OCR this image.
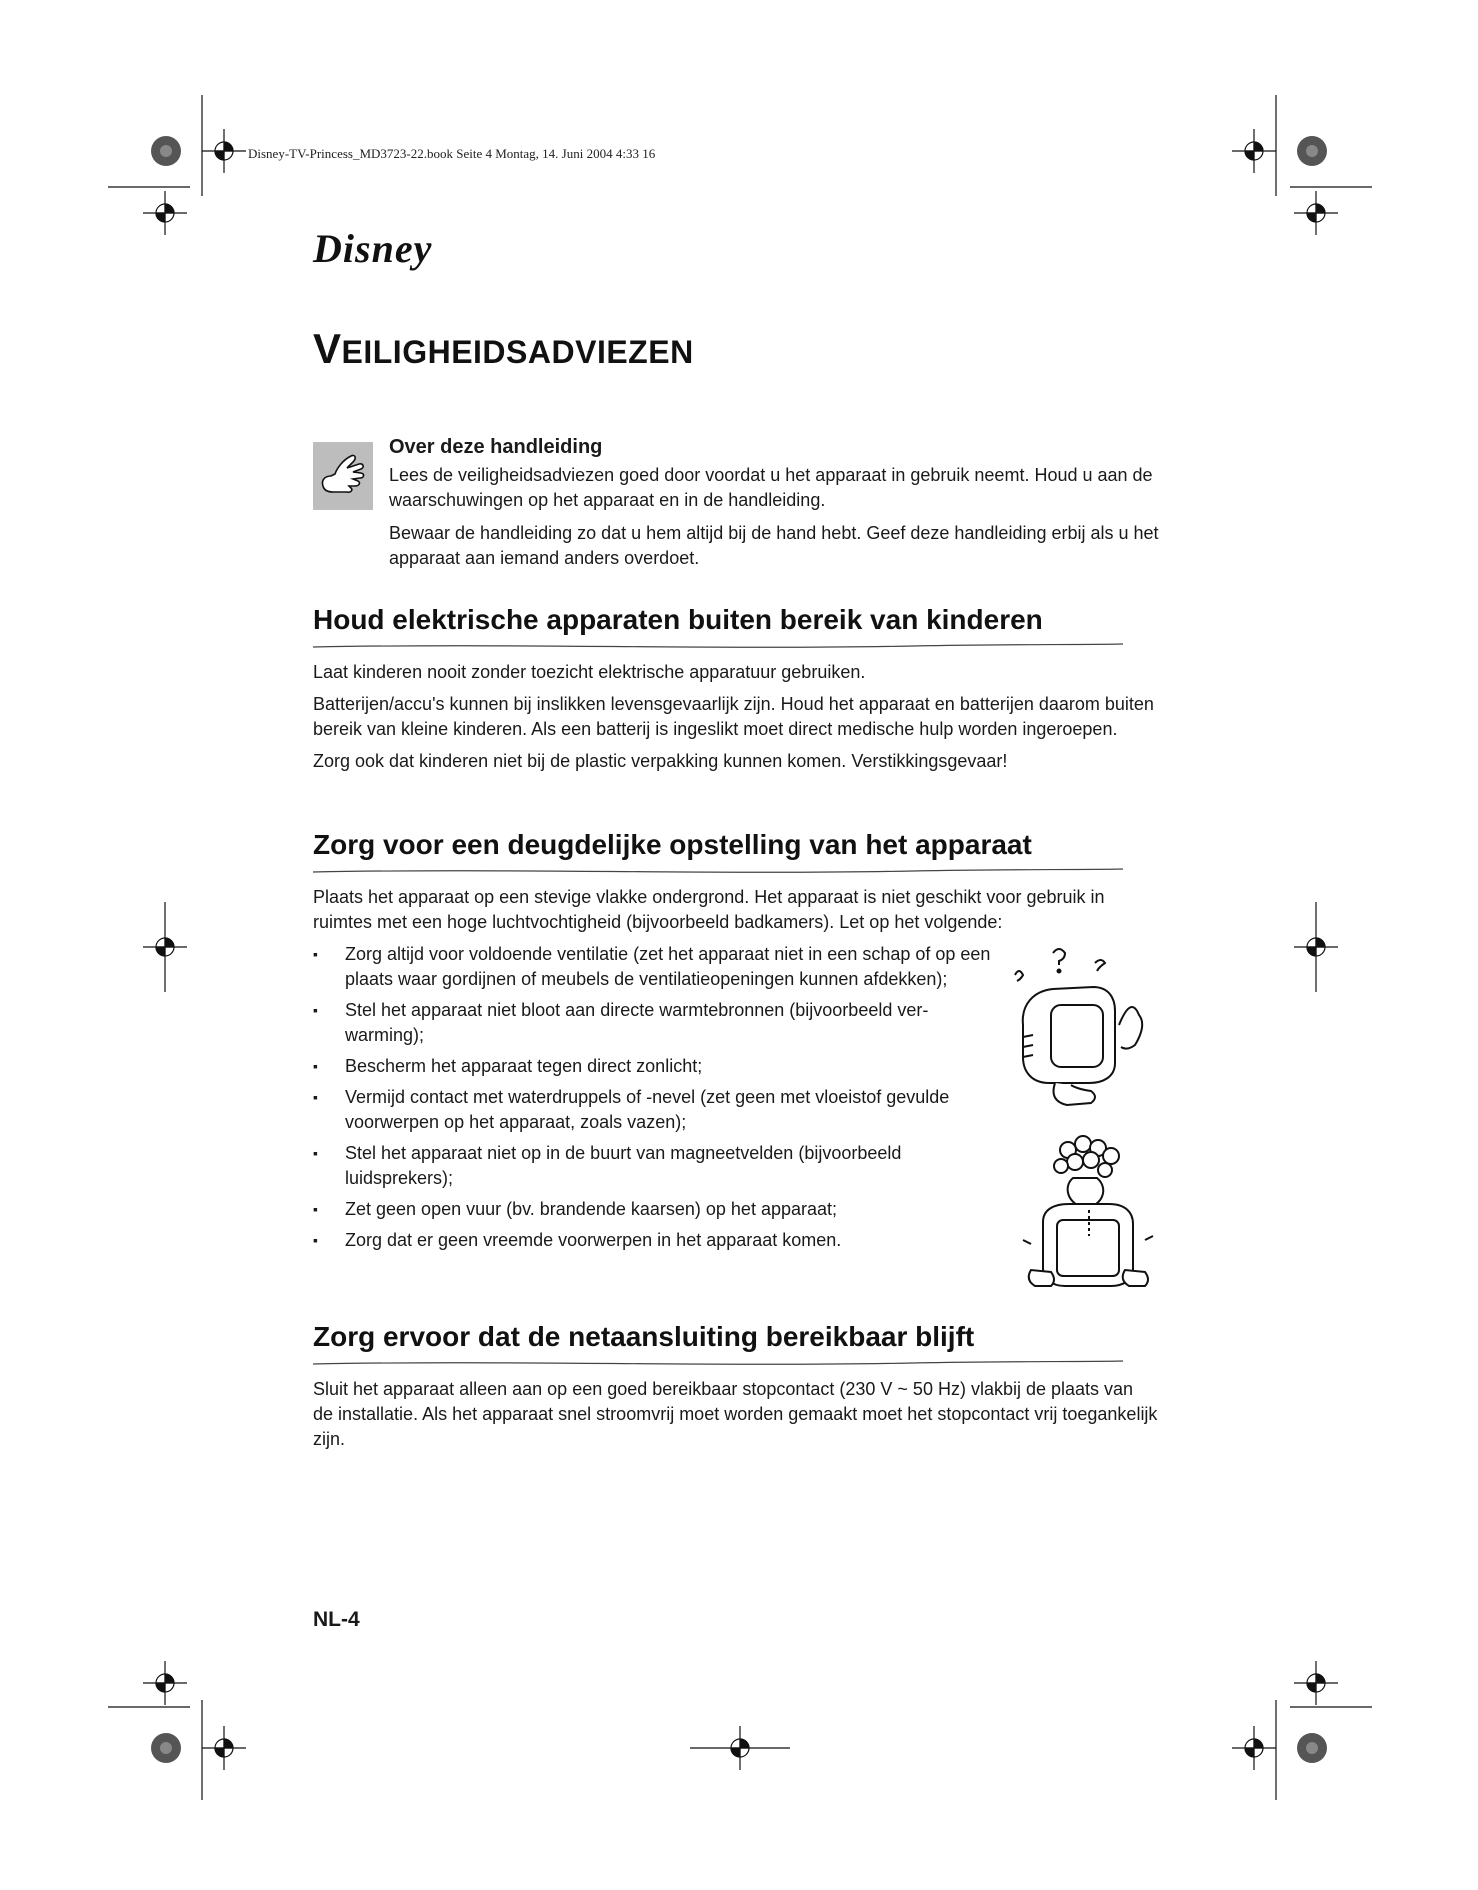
Disney-TV-Princess_MD3723-22.book Seite 4 Montag, 14. Juni 2004 4:33 16
Disney
VEILIGHEIDSADVIEZEN
Over deze handleiding

Lees de veiligheidsadviezen goed door voordat u het apparaat in gebruik neemt. Houd u aan de waarschuwingen op het apparaat en in de handleiding.

Bewaar de handleiding zo dat u hem altijd bij de hand hebt. Geef deze handleiding erbij als u het apparaat aan iemand anders overdoet.

Houd elektrische apparaten buiten bereik van kinderen

Laat kinderen nooit zonder toezicht elektrische apparatuur gebruiken.

Batterijen/accu's kunnen bij inslikken levensgevaarlijk zijn. Houd het apparaat en batterijen daarom buiten bereik van kleine kinderen. Als een batterij is ingeslikt moet direct medische hulp worden ingeroepen.

Zorg ook dat kinderen niet bij de plastic verpakking kunnen komen. Verstikkingsgevaar!

Zorg voor een deugdelijke opstelling van het apparaat

Plaats het apparaat op een stevige vlakke ondergrond. Het apparaat is niet geschikt voor gebruik in ruimtes met een hoge luchtvochtigheid (bijvoorbeeld badkamers). Let op het volgende:

▪ Zorg altijd voor voldoende ventilatie (zet het apparaat niet in een schap of op een plaats waar gordijnen of meubels de ventilatieopeningen kunnen afdekken);
▪ Stel het apparaat niet bloot aan directe warmtebronnen (bijvoorbeeld ver-warming);
▪ Bescherm het apparaat tegen direct zonlicht;
▪ Vermijd contact met waterdruppels of -nevel (zet geen met vloeistof gevulde voorwerpen op het apparaat, zoals vazen);
▪ Stel het apparaat niet op in de buurt van magneetvelden (bijvoorbeeld luidsprekers);
▪ Zet geen open vuur (bv. brandende kaarsen) op het apparaat;
▪ Zorg dat er geen vreemde voorwerpen in het apparaat komen.
Zorg ervoor dat de netaansluiting bereikbaar blijft

Sluit het apparaat alleen aan op een goed bereikbaar stopcontact (230 V ~ 50 Hz) vlakbij de plaats van de installatie. Als het apparaat snel stroomvrij moet worden gemaakt moet het stopcontact vrij toegankelijk zijn.

NL-4
